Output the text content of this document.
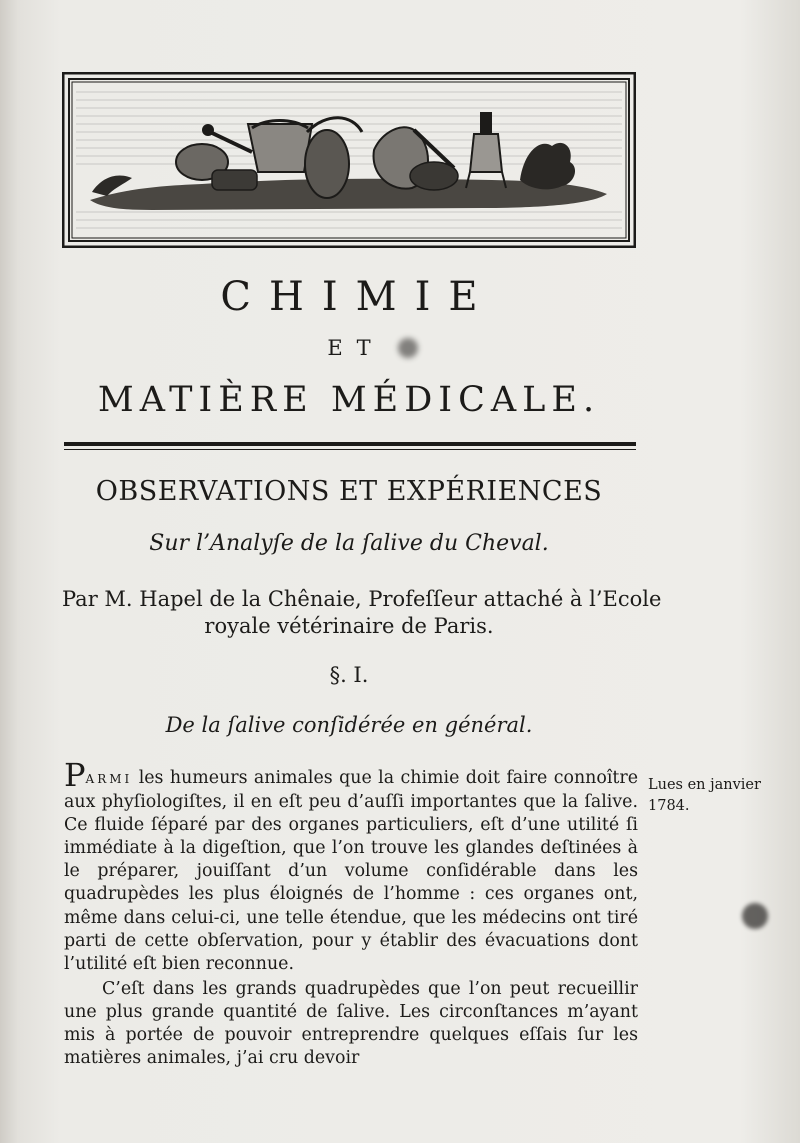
CHIMIE
ET
MATIÈRE MÉDICALE.
OBSERVATIONS ET EXPÉRIENCES
Sur l’Analyſe de la ſalive du Cheval.
Par M. Hapel de la Chênaie, Profeſſeur attaché à l’Ecole
royale vétérinaire de Paris.
§. I.
De la ſalive conſidérée en général.

PARMI les humeurs animales que la chimie doit faire connoître aux phyſiologiſtes, il en eſt peu d’auſſi importantes que la ſalive. Ce fluide ſéparé par des organes particuliers, eſt d’une utilité ſi immédiate à la digeſtion, que l’on trouve les glandes deſtinées à le préparer, jouiſſant d’un volume conſidérable dans les quadrupèdes les plus éloignés de l’homme : ces organes ont, même dans celui-ci, une telle étendue, que les médecins ont tiré parti de cette obſervation, pour y établir des évacuations dont l’utilité eſt bien reconnue.

C’eſt dans les grands quadrupèdes que l’on peut recueillir une plus grande quantité de ſalive. Les circonſtances m’ayant mis à portée de pouvoir entreprendre quelques eſſais ſur les matières animales, j’ai cru devoir

Lues en janvier
1784.
